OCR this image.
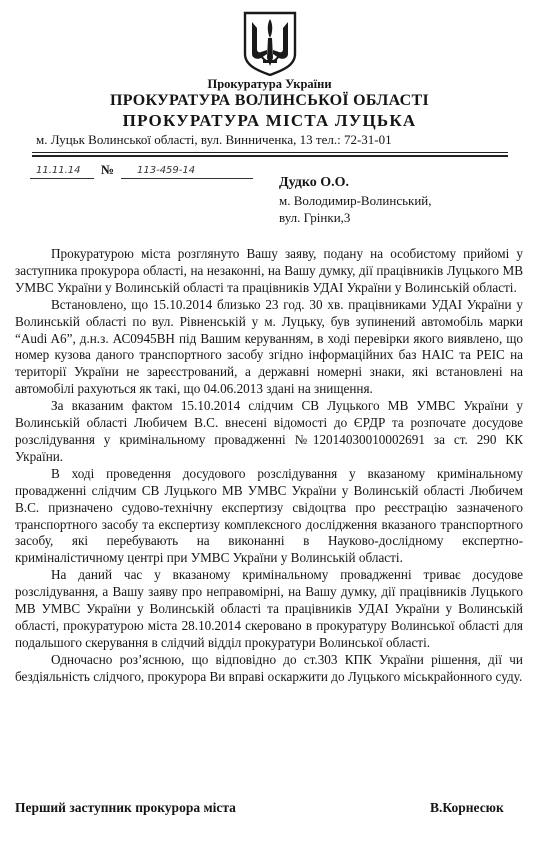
Прокуратура України
ПРОКУРАТУРА ВОЛИНСЬКОЇ ОБЛАСТІ
ПРОКУРАТУРА МІСТА ЛУЦЬКА
м. Луцьк Волинської області, вул. Винниченка, 13 тел.: 72-31-01
11.11.14	№	113-459-14
Дудко О.О.
м. Володимир-Волинський,
вул. Грінки,3

Прокуратурою міста розглянуто Вашу заяву, подану на особистому прийомі у заступника прокурора області, на незаконні, на Вашу думку, дії працівників Луцького МВ УМВС України у Волинській області та працівників УДАІ України у Волинській області.

Встановлено, що 15.10.2014 близько 23 год. 30 хв. працівниками УДАІ України у Волинській області по вул. Рівненській у м. Луцьку, був зупинений автомобіль марки “Audi A6”, д.н.з. АС0945ВН під Вашим керуванням, в ході перевірки якого виявлено, що номер кузова даного транспортного засобу згідно інформаційних баз НАІС та РЕІС на території України не зареєстрований, а державні номерні знаки, які встановлені на автомобілі рахуються як такі, що 04.06.2013 здані на знищення.

За вказаним фактом 15.10.2014 слідчим СВ Луцького МВ УМВС України у Волинській області Любичем В.С. внесені відомості до ЄРДР та розпочате досудове розслідування у кримінальному провадженні №12014030010002691 за ст. 290 КК України.

В ході проведення досудового розслідування у вказаному кримінальному провадженні слідчим СВ Луцького МВ УМВС України у Волинській області Любичем В.С. призначено судово-технічну експертизу свідоцтва про реєстрацію зазначеного транспортного засобу та експертизу комплексного дослідження вказаного транспортного засобу, які перебувають на виконанні в Науково-дослідному експертно-криміналістичному центрі при УМВС України у Волинській області.

На даний час у вказаному кримінальному провадженні триває досудове розслідування, а Вашу заяву про неправомірні, на Вашу думку, дії працівників Луцького МВ УМВС України у Волинській області та працівників УДАІ України у Волинській області, прокуратурою міста 28.10.2014 скеровано в прокуратуру Волинської області для подальшого скерування в слідчий відділ прокуратури Волинської області.

Одночасно роз’яснюю, що відповідно до ст.303 КПК України рішення, дії чи бездіяльність слідчого, прокурора Ви вправі оскаржити до Луцького міськрайонного суду.

Перший заступник прокурора міста	В.Корнесюк
